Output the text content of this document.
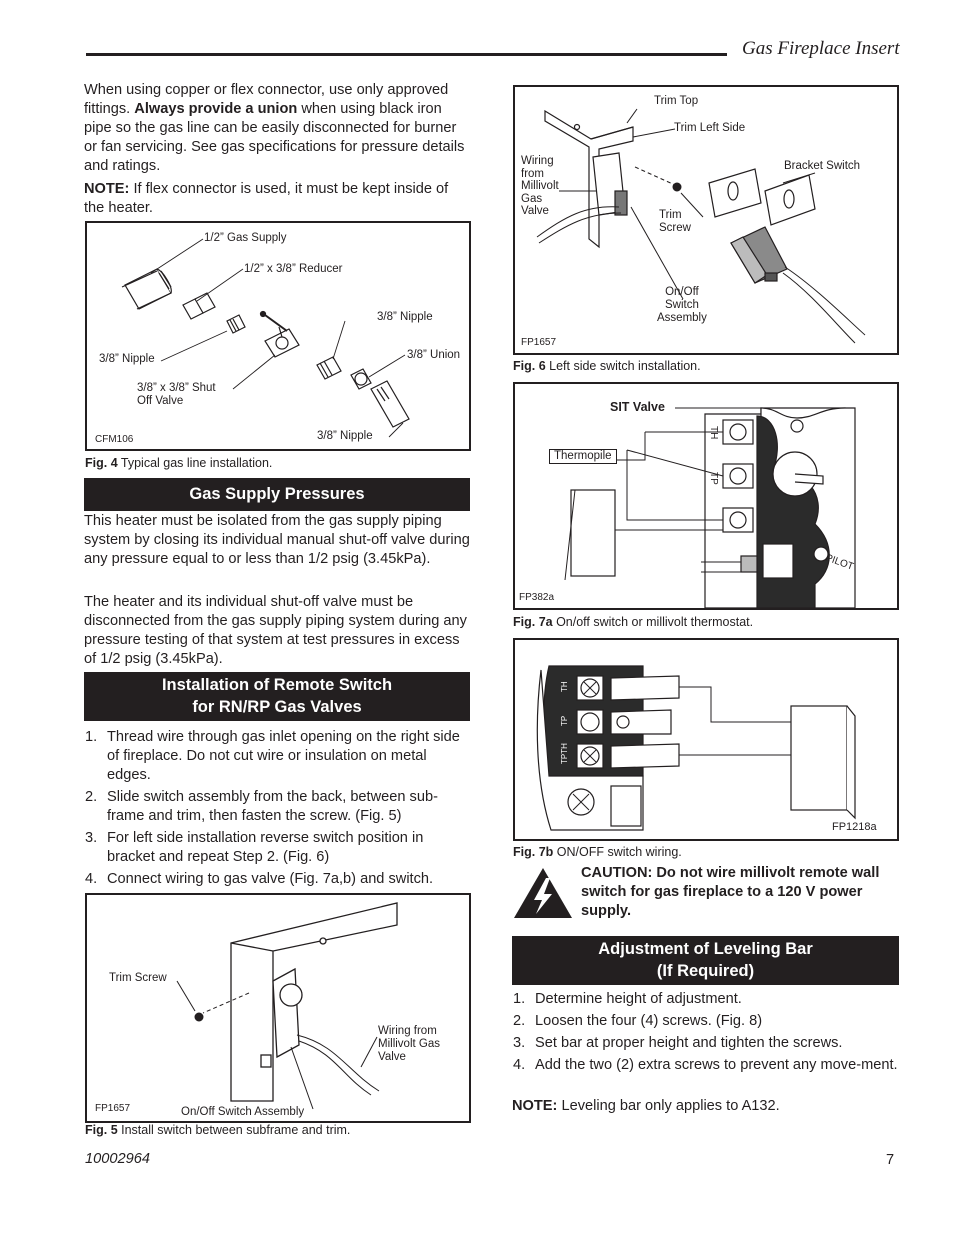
Gas Fireplace Insert

When using copper or flex connector, use only approved fittings. Always provide a union when using black iron pipe so the gas line can be easily disconnected for burner or fan servicing. See gas specifications for pressure details and ratings.

NOTE: If flex connector is used, it must be kept inside of the heater.

1/2” Gas Supply
1/2” x 3/8” Reducer
3/8” Nipple
3/8” Union
3/8” Nipple
3/8” x 3/8” Shut
Off Valve
3/8” Nipple
CFM106
Fig. 4 Typical gas line installation.
Gas Supply Pressures

This heater must be isolated from the gas supply piping system by closing its individual manual shut-off valve during any pressure equal to or less than 1/2 psig (3.45kPa).

The heater and its individual shut-off valve must be disconnected from the gas supply piping system during any pressure testing of that system at test pressures in excess of 1/2 psig (3.45kPa).

Installation of Remote Switch
for RN/RP Gas Valves
1. Thread wire through gas inlet opening on the right side of fireplace. Do not cut wire or insulation on metal edges.
2. Slide switch assembly from the back, between sub-frame and trim, then fasten the screw. (Fig. 5)
3. For left side installation reverse switch position in bracket and repeat Step 2. (Fig. 6)
4. Connect wiring to gas valve (Fig. 7a,b) and switch.
Trim Screw
Wiring from
Millivolt Gas
Valve
On/Off Switch Assembly
FP1657
Fig. 5 Install switch between subframe and trim.
Trim Top
Trim Left Side
Bracket Switch
Wiring
from
Millivolt
Gas
Valve	Trim
Screw
On/Off
Switch
Assembly
FP1657
Fig. 6 Left side switch installation.
TH
TP
PILOT
SIT Valve
Thermopile
FP382a
Fig. 7a On/off switch or millivolt thermostat.
TH
TP
TPTH
FP1218a
Fig. 7b ON/OFF switch wiring.

CAUTION: Do not wire millivolt remote wall switch for gas fireplace to a 120 V power supply.

Adjustment of Leveling Bar
(If Required)
1. Determine height of adjustment.
2. Loosen the four (4) screws. (Fig. 8)
3. Set bar at proper height and tighten the screws.
4. Add the two (2) extra screws to prevent any move-ment.

NOTE: Leveling bar only applies to A132.

10002964	7
